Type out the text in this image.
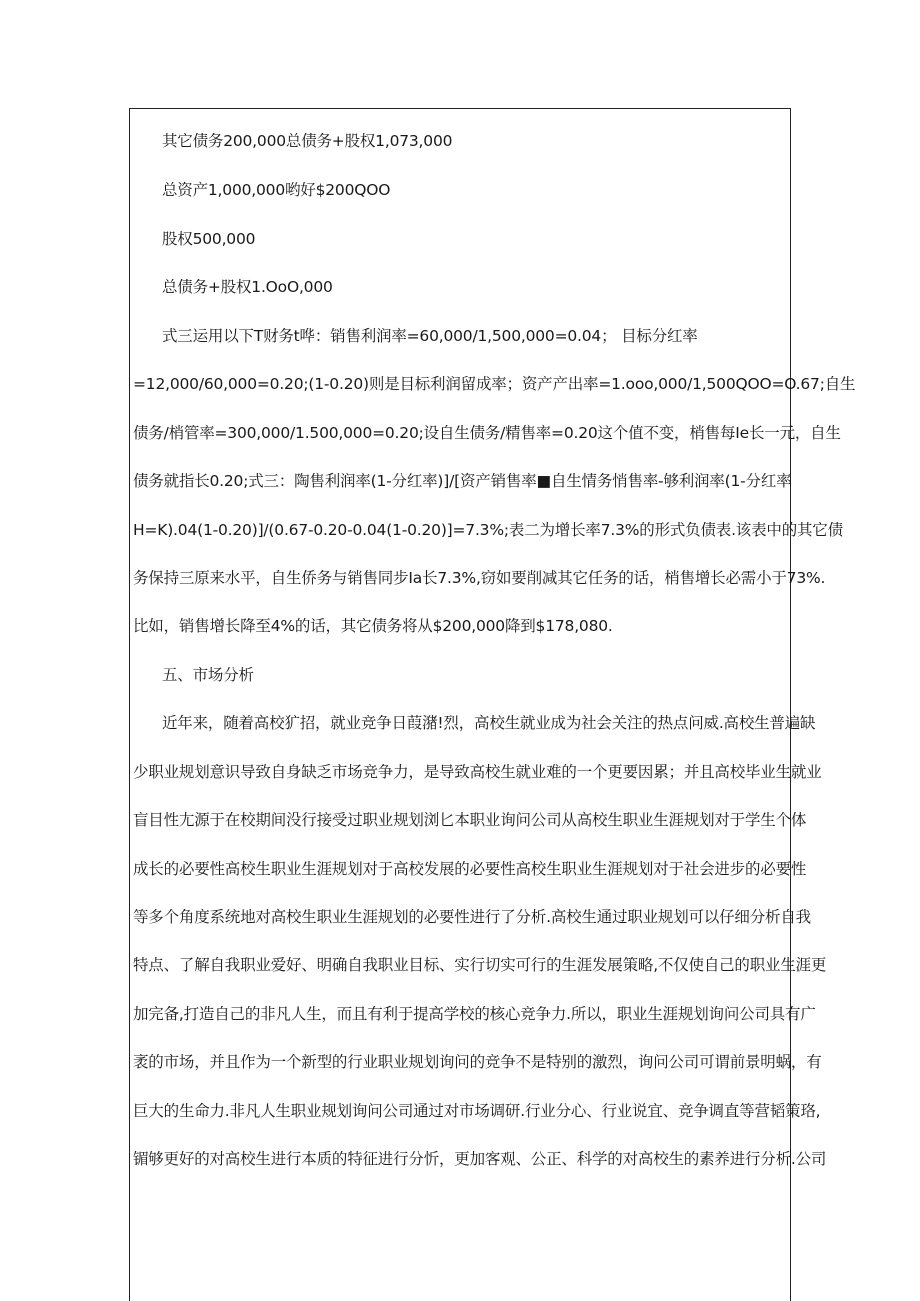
其它债务200,000总债务+股权1,073,000
总资产1,000,000哟好$200QOO
股权500,000
总债务+股权1.OoO,000
式三运用以下T财务t哗：销售利润率=60,000/1,500,000=0.04； 目标分红率
=12,000/60,000=0.20;(1-0.20)则是目标利润留成率；资产产出率=1.ooo,000/1,500QOO=O.67;自生
债务/梢管率=300,000/1.500,000=0.20;设自生债务/精售率=0.20这个值不变，梢售每Ie长一元，自生
债务就指长0.20;式三：陶售利润率(1-分红率)]/[资产销售率■自生情务悄售率-够利润率(1-分红率
H=K).04(1-0.20)]/(0.67-0.20-0.04(1-0.20)]=7.3%;表二为增长率7.3%的形式负债表.该表中的其它债
务保持三原来水平，自生侨务与销售同步Ia长7.3%,窃如要削减其它任务的话，梢售增长必需小于73%.
比如，销售增长降至4%的话，其它债务将从$200,000降到$178,080.
五、市场分析
近年来，随着高校犷招，就业竞争日葭潴!烈，高校生就业成为社会关注的热点问威.高校生普遍缺
少职业规划意识导致自身缺乏市场竞争力，是导致高校生就业难的一个更要因累；并且高校毕业生就业
盲目性尢源于在校期间没行接受过职业规划浏匕本职业询问公司从高校生职业生涯规划对于学生个体
成长的必要性高校生职业生涯规划对于高校发展的必要性高校生职业生涯规划对于社会进步的必要性
等多个角度系统地对高校生职业生涯规划的必要性进行了分析.高校生通过职业规划可以仔细分析自我
特点、了解自我职业爱好、明确自我职业目标、实行切实可行的生涯发展策略,不仅使自己的职业生涯更
加完备,打造自己的非凡人生，而且有利于提高学校的核心竞争力.所以，职业生涯规划询问公司具有广
袤的市场，并且作为一个新型的行业职业规划询问的竞争不是特别的激烈，询问公司可谓前景明蜗，有
巨大的生命力.非凡人生职业规划询问公司通过对市场调研.行业分心、行业说宜、竞争调直等营韬策珞,
镅够更好的对高校生进行本质的特征进行分忻，更加客观、公正、科学的对高校生的素养进行分析.公司
